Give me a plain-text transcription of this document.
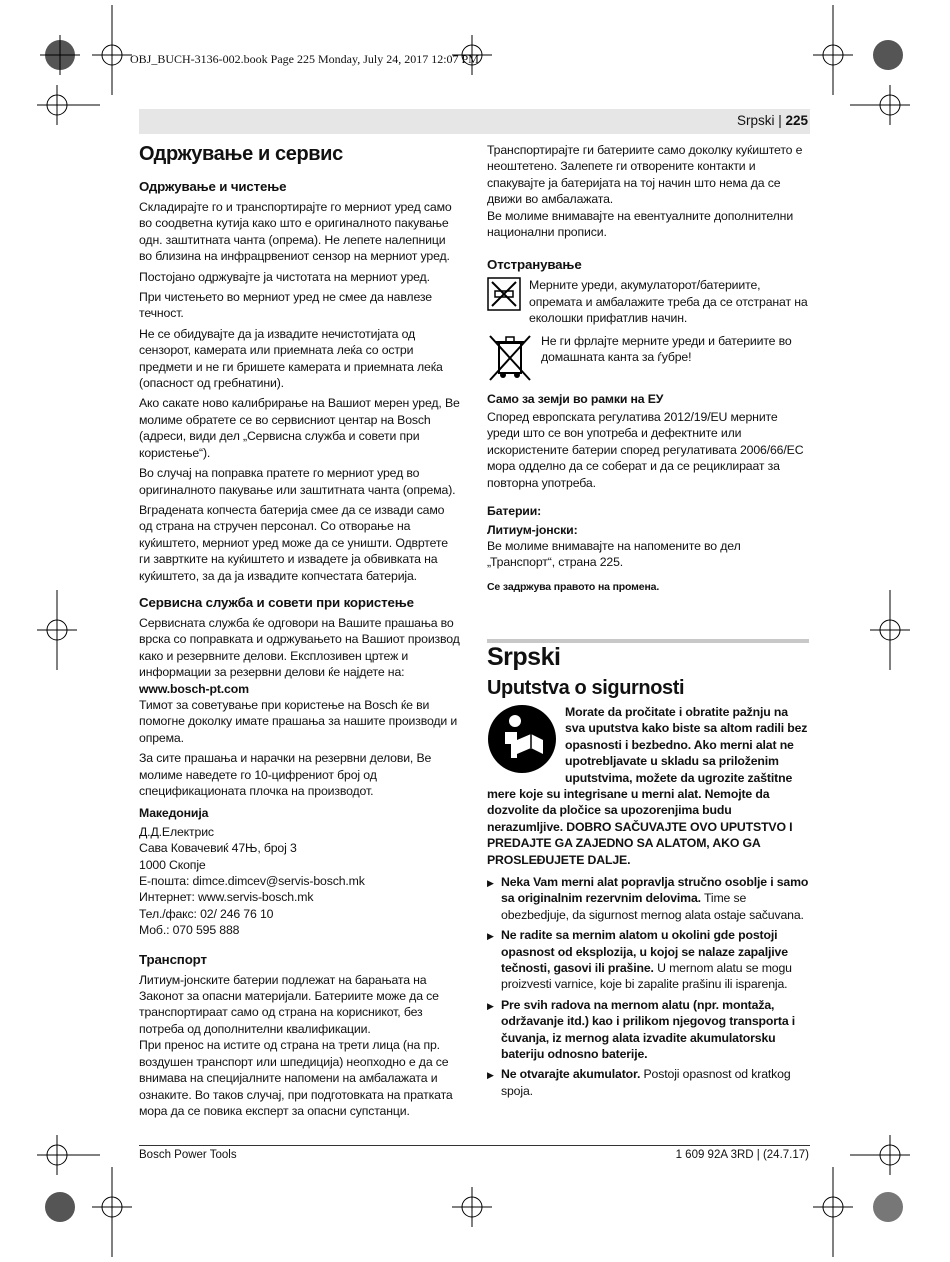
OBJ_BUCH-3136-002.book Page 225 Monday, July 24, 2017 12:07 PM
Srpski | 225
Одржување и сервис
Одржување и чистење

Складирајте го и транспортирајте го мерниот уред само во соодветна кутија како што е оригиналното пакување одн. заштитната чанта (опрема). Не лепете налепници во близина на инфрацрвениот сензор на мерниот уред.

Постојано одржувајте ја чистотата на мерниот уред.

При чистењето во мерниот уред не смее да навлезе течност.

Не се обидувајте да ја извадите нечистотијата од сензорот, камерата или приемната леќа со остри предмети и не ги бришете камерата и приемната леќа (опасност од гребнатини).

Ако сакате ново калибрирање на Вашиот мерен уред, Ве молиме обратете се во сервисниот центар на Bosch (адреси, види дел „Сервисна служба и совети при користење“).

Во случај на поправка пратете го мерниот уред во оригиналното пакување или заштитната чанта (опрема).

Вградената копчеста батерија смее да се извади само од страна на стручен персонал. Со отворање на куќиштето, мерниот уред може да се уништи. Одвртете ги завртките на куќиштето и извадете ја обвивката на куќиштето, за да ја извадите копчестата батерија.

Сервисна служба и совети при користење

Сервисната служба ќе одговори на Вашите прашања во врска со поправката и одржувањето на Вашиот производ како и резервните делови. Експлозивен цртеж и информации за резервни делови ќе најдете на:
www.bosch-pt.com

Тимот за советување при користење на Bosch ќе ви помогне доколку имате прашања за нашите производи и опрема.

За сите прашања и нарачки на резервни делови, Ве молиме наведете го 10-цифрениот број од спецификационата плочка на производот.

Македонија

Д.Д.Електрис
Сава Ковачевиќ 47Њ, број 3
1000 Скопје
E-пошта: dimce.dimcev@servis-bosch.mk
Интернет: www.servis-bosch.mk
Тел./факс: 02/ 246 76 10
Моб.: 070 595 888
Транспорт

Литиум-јонските батерии подлежат на барањата на Законот за опасни материјали. Батериите може да се транспортираат само од страна на корисникот, без потреба од дополнителни квалификации.

При пренос на истите од страна на трети лица (на пр. воздушен транспорт или шпедиција) неопходно е да се внимава на специјалните напомени на амбалажата и ознаките. Во таков случај, при подготовката на пратката мора да се повика експерт за опасни супстанци.

Транспортирајте ги батериите само доколку куќиштето е неоштетено. Залепете ги отворените контакти и спакувајте ја батеријата на тој начин што нема да се движи во амбалажата.

Ве молиме внимавајте на евентуалните дополнителни национални прописи.

Отстранување
Мерните уреди, акумулаторот/батериите, опремата и амбалажите треба да се отстранат на еколошки прифатлив начин.
Не ги фрлајте мерните уреди и батериите во домашната канта за ѓубре!

Само за земји во рамки на ЕУ

Според европската регулатива 2012/19/EU мерните уреди што се вон употреба и дефектните или искористените батерии според регулативата 2006/66/EC мора одделно да се соберат и да се рециклираат за повторна употреба.

Батерии:

Литиум-јонски:

Ве молиме внимавајте на напомените во дел „Транспорт“, страна 225.

Се задржува правото на промена.

Srpski
Uputstva o sigurnosti
Morate da pročitate i obratite pažnju na sva uputstva kako biste sa altom radili bez opasnosti i bezbedno. Ako merni alat ne upotrebljavate u skladu sa priloženim uputstvima, možete da ugrozite zaštitne mere koje su integrisane u merni alat. Nemojte da dozvolite da pločice sa upozorenjima budu nerazumljive. DOBRO SAČUVAJTE OVO UPUTSTVO I PREDAJTE GA ZAJEDNO SA ALATOM, AKO GA PROSLEĐUJETE DALJE.
▶ Neka Vam merni alat popravlja stručno osoblje i samo sa originalnim rezervnim delovima. Time se obezbedjuje, da sigurnost mernog alata ostaje sačuvana.
▶ Ne radite sa mernim alatom u okolini gde postoji opasnost od eksplozija, u kojoj se nalaze zapaljive tečnosti, gasovi ili prašine. U mernom alatu se mogu proizvesti varnice, koje bi zapalite prašinu ili isparenja.
▶ Pre svih radova na mernom alatu (npr. montaža, održavanje itd.) kao i prilikom njegovog transporta i čuvanja, iz mernog alata izvadite akumulatorsku bateriju odnosno baterije.
▶ Ne otvarajte akumulator. Postoji opasnost od kratkog spoja.
Bosch Power Tools	1 609 92A 3RD | (24.7.17)
